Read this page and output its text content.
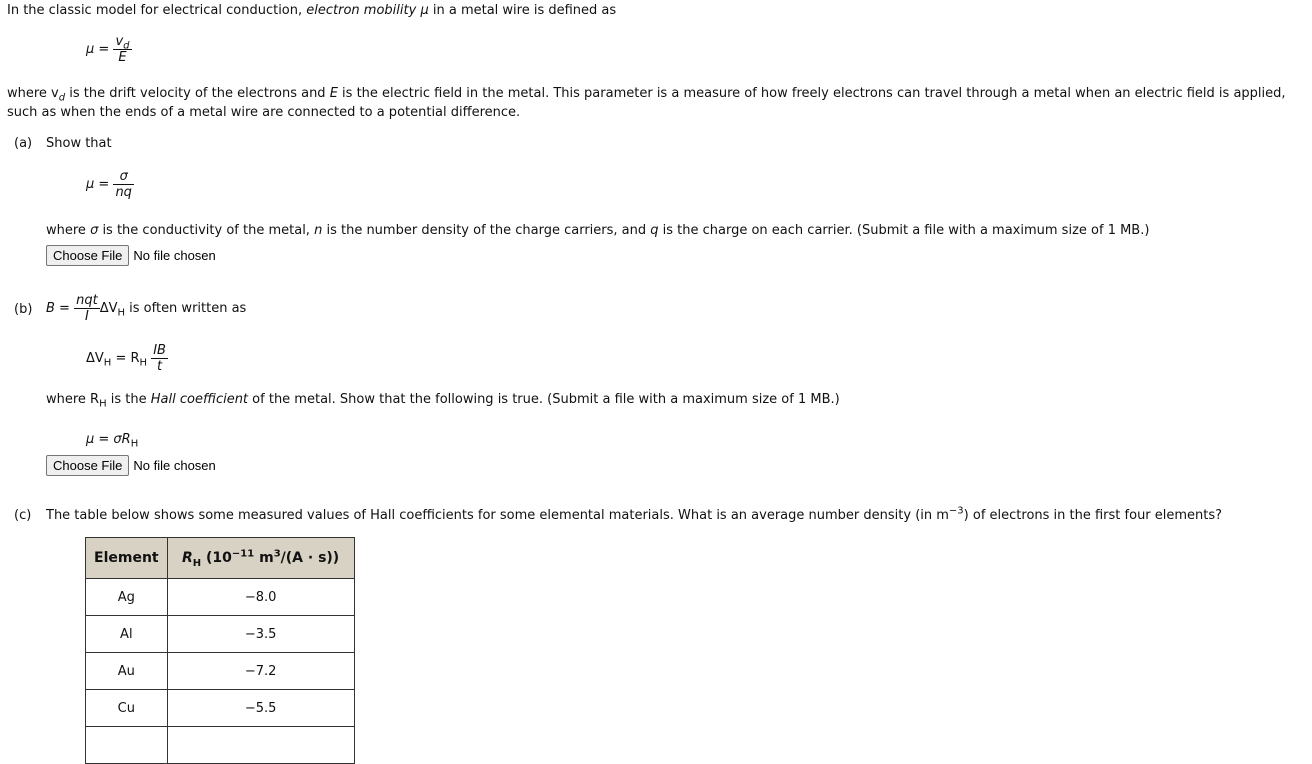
In the classic model for electrical conduction, electron mobility μ in a metal wire is defined as
$\mu = \frac{v_d}{E}$
where $v_d$ is the drift velocity of the electrons and E is the electric field in the metal. This parameter is a measure of how freely electrons can travel through a metal when an electric field is applied,
such as when the ends of a metal wire are connected to a potential difference.
(a) Show that
$\mu = \frac{\sigma}{nq}$
where σ is the conductivity of the metal, n is the number density of the charge carriers, and q is the charge on each carrier. (Submit a file with a maximum size of 1 MB.)
Choose File No file chosen
(b) $B = \frac{\text{nqt}}{I} \Delta V_H$ is often written as
$\Delta V_H = R_H \frac{IB}{t}$
where $R_H$ is the Hall coefficient of the metal. Show that the following is true. (Submit a file with a maximum size of 1 MB.)
$\mu = \sigma R_H$
Choose File No file chosen
(c) The table below shows some measured values of Hall coefficients for some elemental materials. What is an average number density (in $m^{-3}$) of electrons in the first four elements?
Element	$R_H$ ($10^{-11}$ $m^3/(A \cdot s)$)
Ag	−8.0
Al	−3.5
Au	−7.2
Cu	−5.5
